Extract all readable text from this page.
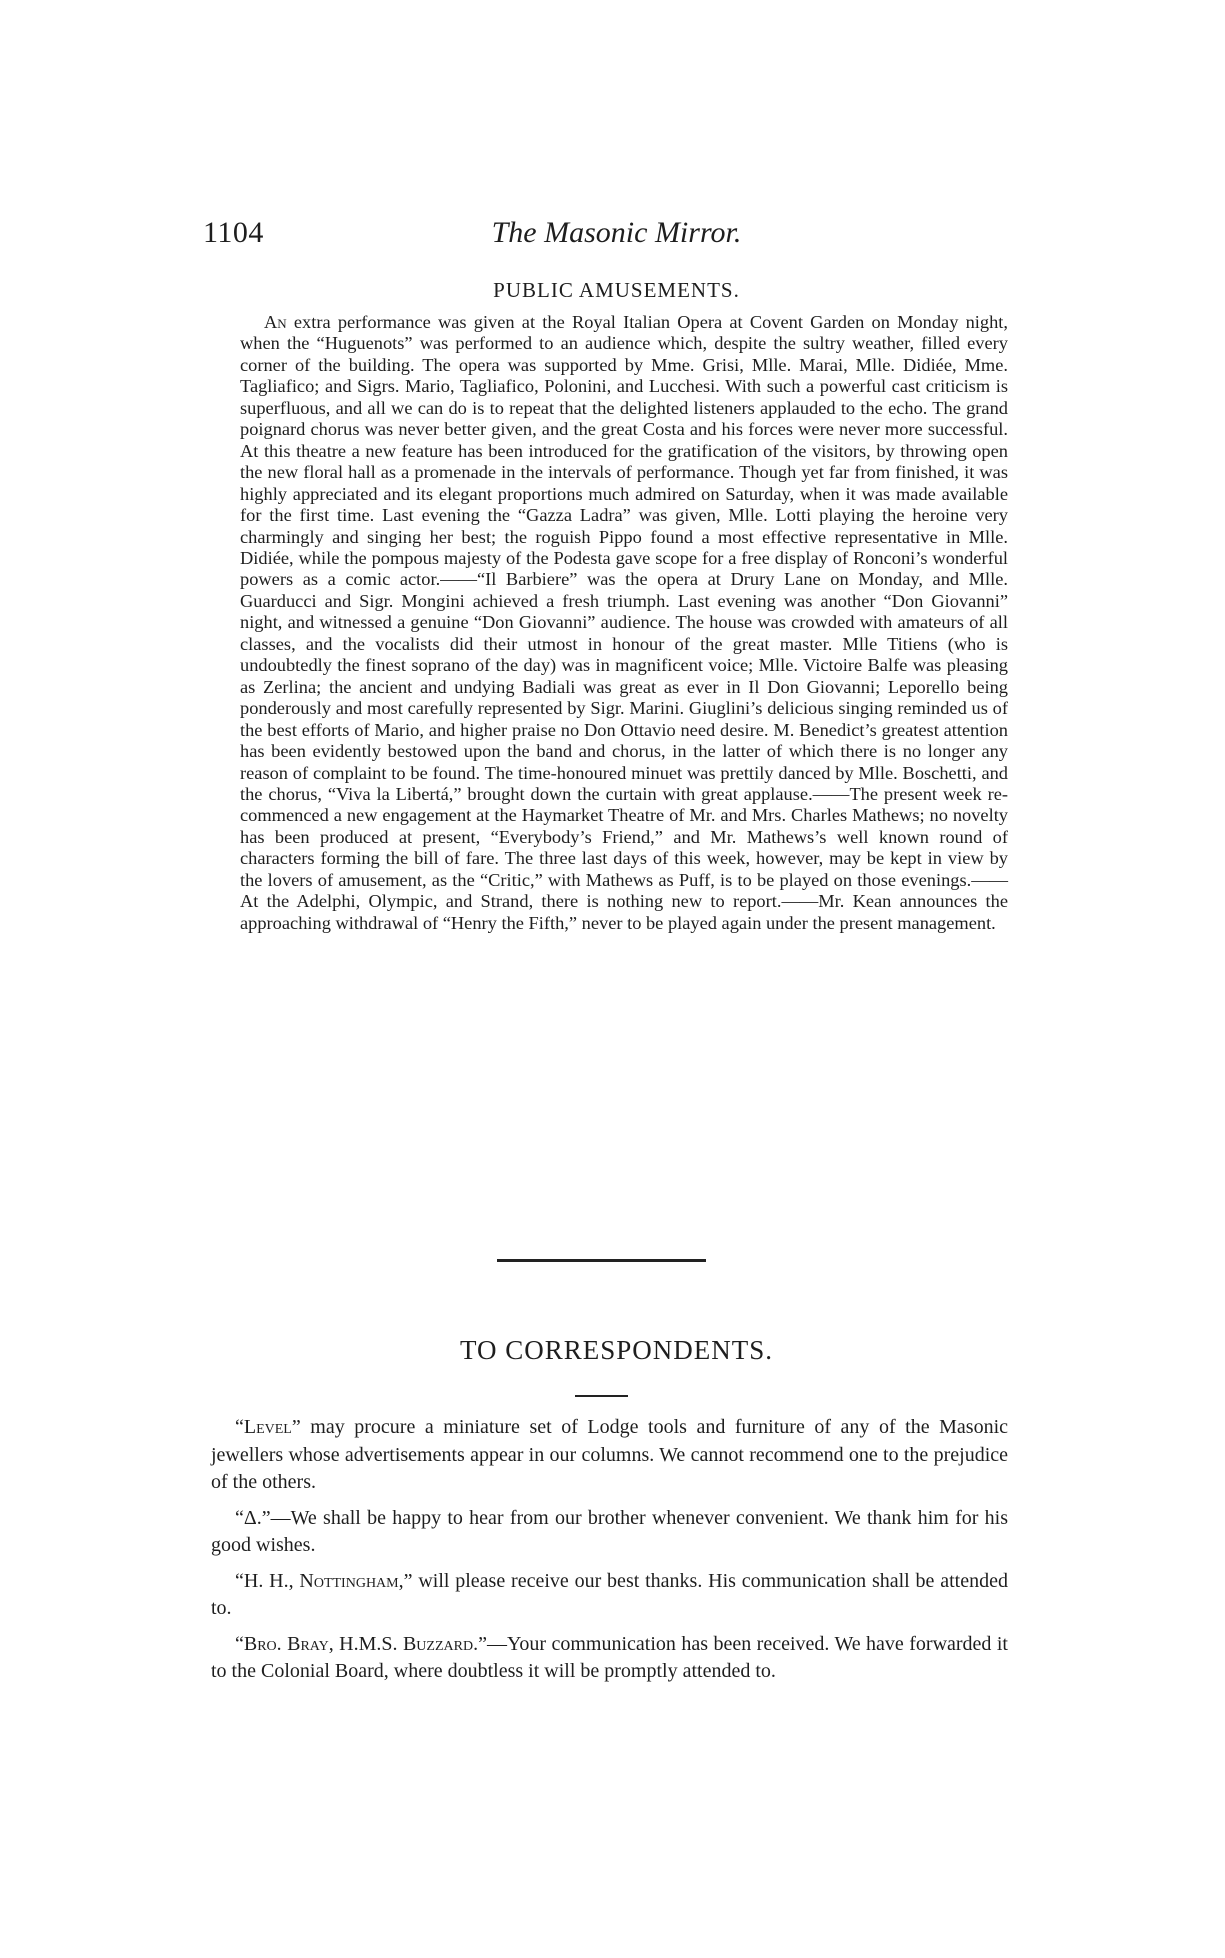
1104	The Masonic Mirror.
PUBLIC AMUSEMENTS.

An extra performance was given at the Royal Italian Opera at Covent Garden on Monday night, when the “Huguenots” was performed to an audience which, despite the sultry weather, filled every corner of the building. The opera was supported by Mme. Grisi, Mlle. Marai, Mlle. Didiée, Mme. Tagliafico; and Sigrs. Mario, Tagliafico, Polonini, and Lucchesi. With such a powerful cast criticism is superfluous, and all we can do is to repeat that the delighted listeners applauded to the echo. The grand poignard chorus was never better given, and the great Costa and his forces were never more successful. At this theatre a new feature has been introduced for the gratification of the visitors, by throwing open the new floral hall as a promenade in the intervals of performance. Though yet far from finished, it was highly appreciated and its elegant proportions much admired on Saturday, when it was made available for the first time. Last evening the “Gazza Ladra” was given, Mlle. Lotti playing the heroine very charmingly and singing her best; the roguish Pippo found a most effective representative in Mlle. Didiée, while the pompous majesty of the Podesta gave scope for a free display of Ronconi’s wonderful powers as a comic actor.——“Il Barbiere” was the opera at Drury Lane on Monday, and Mlle. Guarducci and Sigr. Mongini achieved a fresh triumph. Last evening was another “Don Giovanni” night, and witnessed a genuine “Don Giovanni” audience. The house was crowded with amateurs of all classes, and the vocalists did their utmost in honour of the great master. Mlle Titiens (who is undoubtedly the finest soprano of the day) was in magnificent voice; Mlle. Victoire Balfe was pleasing as Zerlina; the ancient and undying Badiali was great as ever in Il Don Giovanni; Leporello being ponderously and most carefully represented by Sigr. Marini. Giuglini’s delicious singing reminded us of the best efforts of Mario, and higher praise no Don Ottavio need desire. M. Benedict’s greatest attention has been evidently bestowed upon the band and chorus, in the latter of which there is no longer any reason of complaint to be found. The time-honoured minuet was prettily danced by Mlle. Boschetti, and the chorus, “Viva la Libertá,” brought down the curtain with great applause.——The present week re-commenced a new engagement at the Haymarket Theatre of Mr. and Mrs. Charles Mathews; no novelty has been produced at present, “Everybody’s Friend,” and Mr. Mathews’s well known round of characters forming the bill of fare. The three last days of this week, however, may be kept in view by the lovers of amusement, as the “Critic,” with Mathews as Puff, is to be played on those evenings.——At the Adelphi, Olympic, and Strand, there is nothing new to report.——Mr. Kean announces the approaching withdrawal of “Henry the Fifth,” never to be played again under the present management.

TO CORRESPONDENTS.

“Level” may procure a miniature set of Lodge tools and furniture of any of the Masonic jewellers whose advertisements appear in our columns. We cannot recommend one to the prejudice of the others.

“Δ.”—We shall be happy to hear from our brother whenever convenient. We thank him for his good wishes.

“H. H., Nottingham,” will please receive our best thanks. His communication shall be attended to.

“Bro. Bray, H.M.S. Buzzard.”—Your communication has been received. We have forwarded it to the Colonial Board, where doubtless it will be promptly attended to.
